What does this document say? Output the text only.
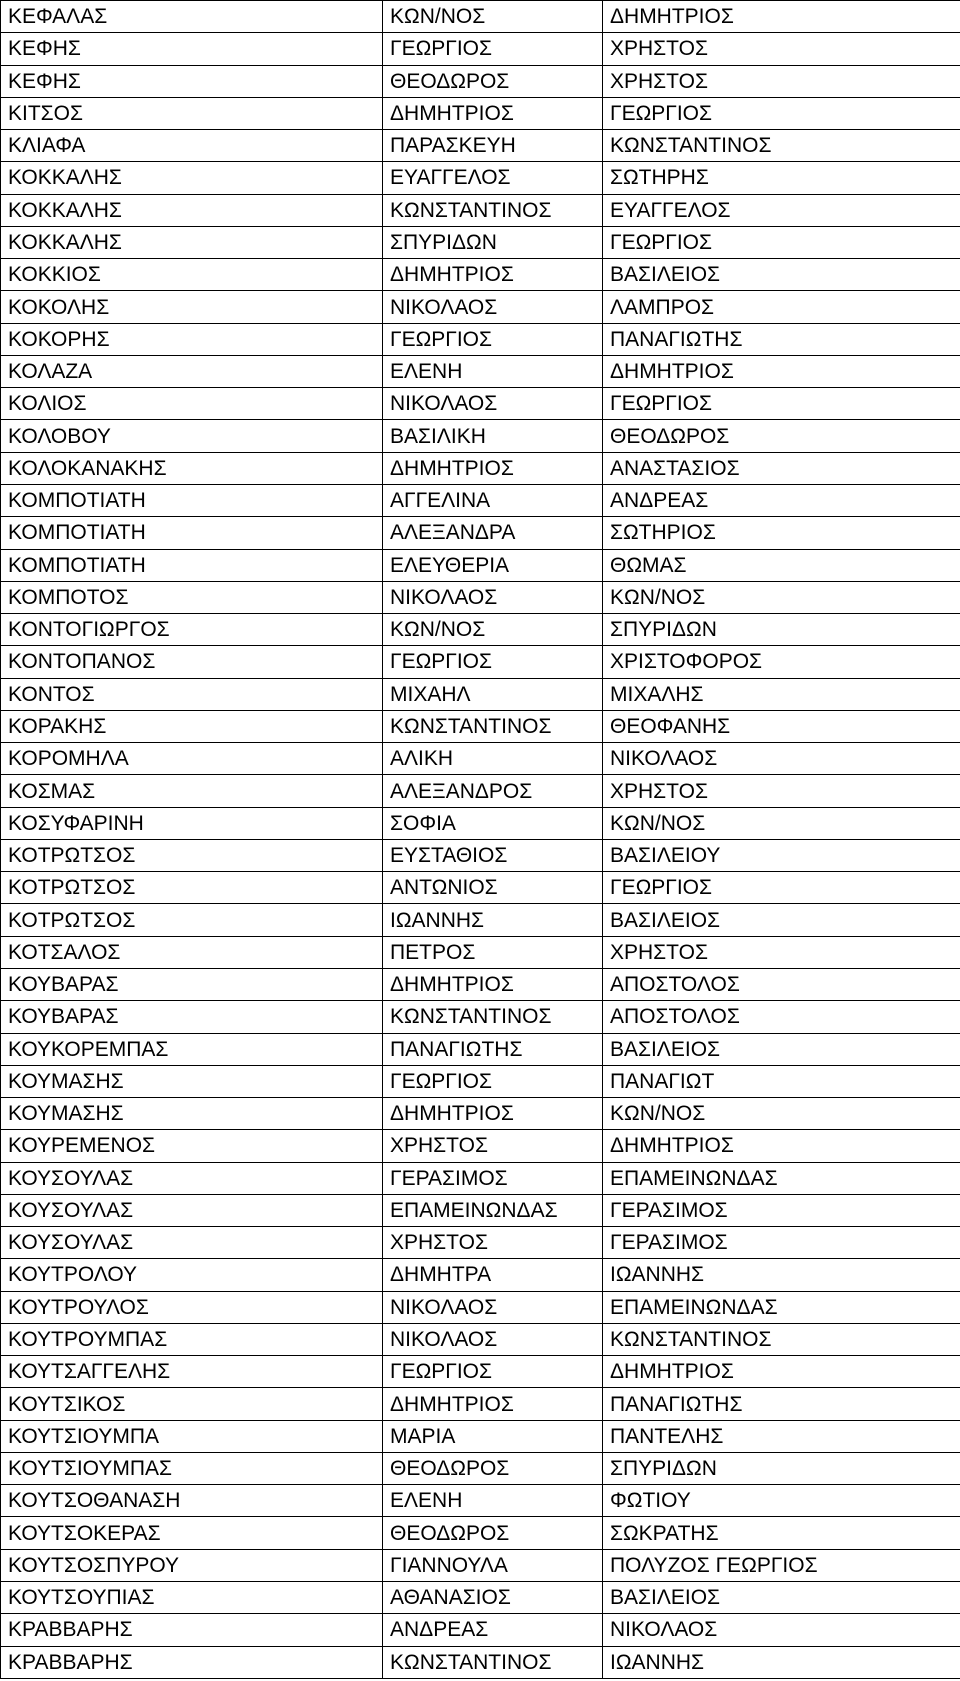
ΚΕΦΑΛΑΣ	ΚΩΝ/ΝΟΣ	ΔΗΜΗΤΡΙΟΣ
ΚΕΦΗΣ	ΓΕΩΡΓΙΟΣ	ΧΡΗΣΤΟΣ
ΚΕΦΗΣ	ΘΕΟΔΩΡΟΣ	ΧΡΗΣΤΟΣ
ΚΙΤΣΟΣ	ΔΗΜΗΤΡΙΟΣ	ΓΕΩΡΓΙΟΣ
ΚΛΙΑΦΑ	ΠΑΡΑΣΚΕΥΗ	ΚΩΝΣΤΑΝΤΙΝΟΣ
ΚΟΚΚΑΛΗΣ	ΕΥΑΓΓΕΛΟΣ	ΣΩΤΗΡΗΣ
ΚΟΚΚΑΛΗΣ	ΚΩΝΣΤΑΝΤΙΝΟΣ	ΕΥΑΓΓΕΛΟΣ
ΚΟΚΚΑΛΗΣ	ΣΠΥΡΙΔΩΝ	ΓΕΩΡΓΙΟΣ
ΚΟΚΚΙΟΣ	ΔΗΜΗΤΡΙΟΣ	ΒΑΣΙΛΕΙΟΣ
ΚΟΚΟΛΗΣ	ΝΙΚΟΛΑΟΣ	ΛΑΜΠΡΟΣ
ΚΟΚΟΡΗΣ	ΓΕΩΡΓΙΟΣ	ΠΑΝΑΓΙΩΤΗΣ
ΚΟΛΑΖΑ	ΕΛΕΝΗ	ΔΗΜΗΤΡΙΟΣ
ΚΟΛΙΟΣ	ΝΙΚΟΛΑΟΣ	ΓΕΩΡΓΙΟΣ
ΚΟΛΟΒΟΥ	ΒΑΣΙΛΙΚΗ	ΘΕΟΔΩΡΟΣ
ΚΟΛΟΚΑΝΑΚΗΣ	ΔΗΜΗΤΡΙΟΣ	ΑΝΑΣΤΑΣΙΟΣ
ΚΟΜΠΟΤΙΑΤΗ	ΑΓΓΕΛΙΝΑ	ΑΝΔΡΕΑΣ
ΚΟΜΠΟΤΙΑΤΗ	ΑΛΕΞΑΝΔΡΑ	ΣΩΤΗΡΙΟΣ
ΚΟΜΠΟΤΙΑΤΗ	ΕΛΕΥΘΕΡΙΑ	ΘΩΜΑΣ
ΚΟΜΠΟΤΟΣ	ΝΙΚΟΛΑΟΣ	ΚΩΝ/ΝΟΣ
ΚΟΝΤΟΓΙΩΡΓΟΣ	ΚΩΝ/ΝΟΣ	ΣΠΥΡΙΔΩΝ
ΚΟΝΤΟΠΑΝΟΣ	ΓΕΩΡΓΙΟΣ	ΧΡΙΣΤΟΦΟΡΟΣ
ΚΟΝΤΟΣ	ΜΙΧΑΗΛ	ΜΙΧΑΛΗΣ
ΚΟΡΑΚΗΣ	ΚΩΝΣΤΑΝΤΙΝΟΣ	ΘΕΟΦΑΝΗΣ
ΚΟΡΟΜΗΛΑ	ΑΛΙΚΗ	ΝΙΚΟΛΑΟΣ
ΚΟΣΜΑΣ	ΑΛΕΞΑΝΔΡΟΣ	ΧΡΗΣΤΟΣ
ΚΟΣΥΦΑΡΙΝΗ	ΣΟΦΙΑ	ΚΩΝ/ΝΟΣ
ΚΟΤΡΩΤΣΟΣ	ΕΥΣΤΑΘΙΟΣ	ΒΑΣΙΛΕΙΟΥ
ΚΟΤΡΩΤΣΟΣ	ΑΝΤΩΝΙΟΣ	ΓΕΩΡΓΙΟΣ
ΚΟΤΡΩΤΣΟΣ	ΙΩΑΝΝΗΣ	ΒΑΣΙΛΕΙΟΣ
ΚΟΤΣΑΛΟΣ	ΠΕΤΡΟΣ	ΧΡΗΣΤΟΣ
ΚΟΥΒΑΡΑΣ	ΔΗΜΗΤΡΙΟΣ	ΑΠΟΣΤΟΛΟΣ
ΚΟΥΒΑΡΑΣ	ΚΩΝΣΤΑΝΤΙΝΟΣ	ΑΠΟΣΤΟΛΟΣ
ΚΟΥΚΟΡΕΜΠΑΣ	ΠΑΝΑΓΙΩΤΗΣ	ΒΑΣΙΛΕΙΟΣ
ΚΟΥΜΑΣΗΣ	ΓΕΩΡΓΙΟΣ	ΠΑΝΑΓΙΩΤ
ΚΟΥΜΑΣΗΣ	ΔΗΜΗΤΡΙΟΣ	ΚΩΝ/ΝΟΣ
ΚΟΥΡΕΜΕΝΟΣ	ΧΡΗΣΤΟΣ	ΔΗΜΗΤΡΙΟΣ
ΚΟΥΣΟΥΛΑΣ	ΓΕΡΑΣΙΜΟΣ	ΕΠΑΜΕΙΝΩΝΔΑΣ
ΚΟΥΣΟΥΛΑΣ	ΕΠΑΜΕΙΝΩΝΔΑΣ	ΓΕΡΑΣΙΜΟΣ
ΚΟΥΣΟΥΛΑΣ	ΧΡΗΣΤΟΣ	ΓΕΡΑΣΙΜΟΣ
ΚΟΥΤΡΟΛΟΥ	ΔΗΜΗΤΡΑ	ΙΩΑΝΝΗΣ
ΚΟΥΤΡΟΥΛΟΣ	ΝΙΚΟΛΑΟΣ	ΕΠΑΜΕΙΝΩΝΔΑΣ
ΚΟΥΤΡΟΥΜΠΑΣ	ΝΙΚΟΛΑΟΣ	ΚΩΝΣΤΑΝΤΙΝΟΣ
ΚΟΥΤΣΑΓΓΕΛΗΣ	ΓΕΩΡΓΙΟΣ	ΔΗΜΗΤΡΙΟΣ
ΚΟΥΤΣΙΚΟΣ	ΔΗΜΗΤΡΙΟΣ	ΠΑΝΑΓΙΩΤΗΣ
ΚΟΥΤΣΙΟΥΜΠΑ	ΜΑΡΙΑ	ΠΑΝΤΕΛΗΣ
ΚΟΥΤΣΙΟΥΜΠΑΣ	ΘΕΟΔΩΡΟΣ	ΣΠΥΡΙΔΩΝ
ΚΟΥΤΣΟΘΑΝΑΣΗ	ΕΛΕΝΗ	ΦΩΤΙΟΥ
ΚΟΥΤΣΟΚΕΡΑΣ	ΘΕΟΔΩΡΟΣ	ΣΩΚΡΑΤΗΣ
ΚΟΥΤΣΟΣΠΥΡΟΥ	ΓΙΑΝΝΟΥΛΑ	ΠΟΛΥΖΟΣ ΓΕΩΡΓΙΟΣ
ΚΟΥΤΣΟΥΠΙΑΣ	ΑΘΑΝΑΣΙΟΣ	ΒΑΣΙΛΕΙΟΣ
ΚΡΑΒΒΑΡΗΣ	ΑΝΔΡΕΑΣ	ΝΙΚΟΛΑΟΣ
ΚΡΑΒΒΑΡΗΣ	ΚΩΝΣΤΑΝΤΙΝΟΣ	ΙΩΑΝΝΗΣ
